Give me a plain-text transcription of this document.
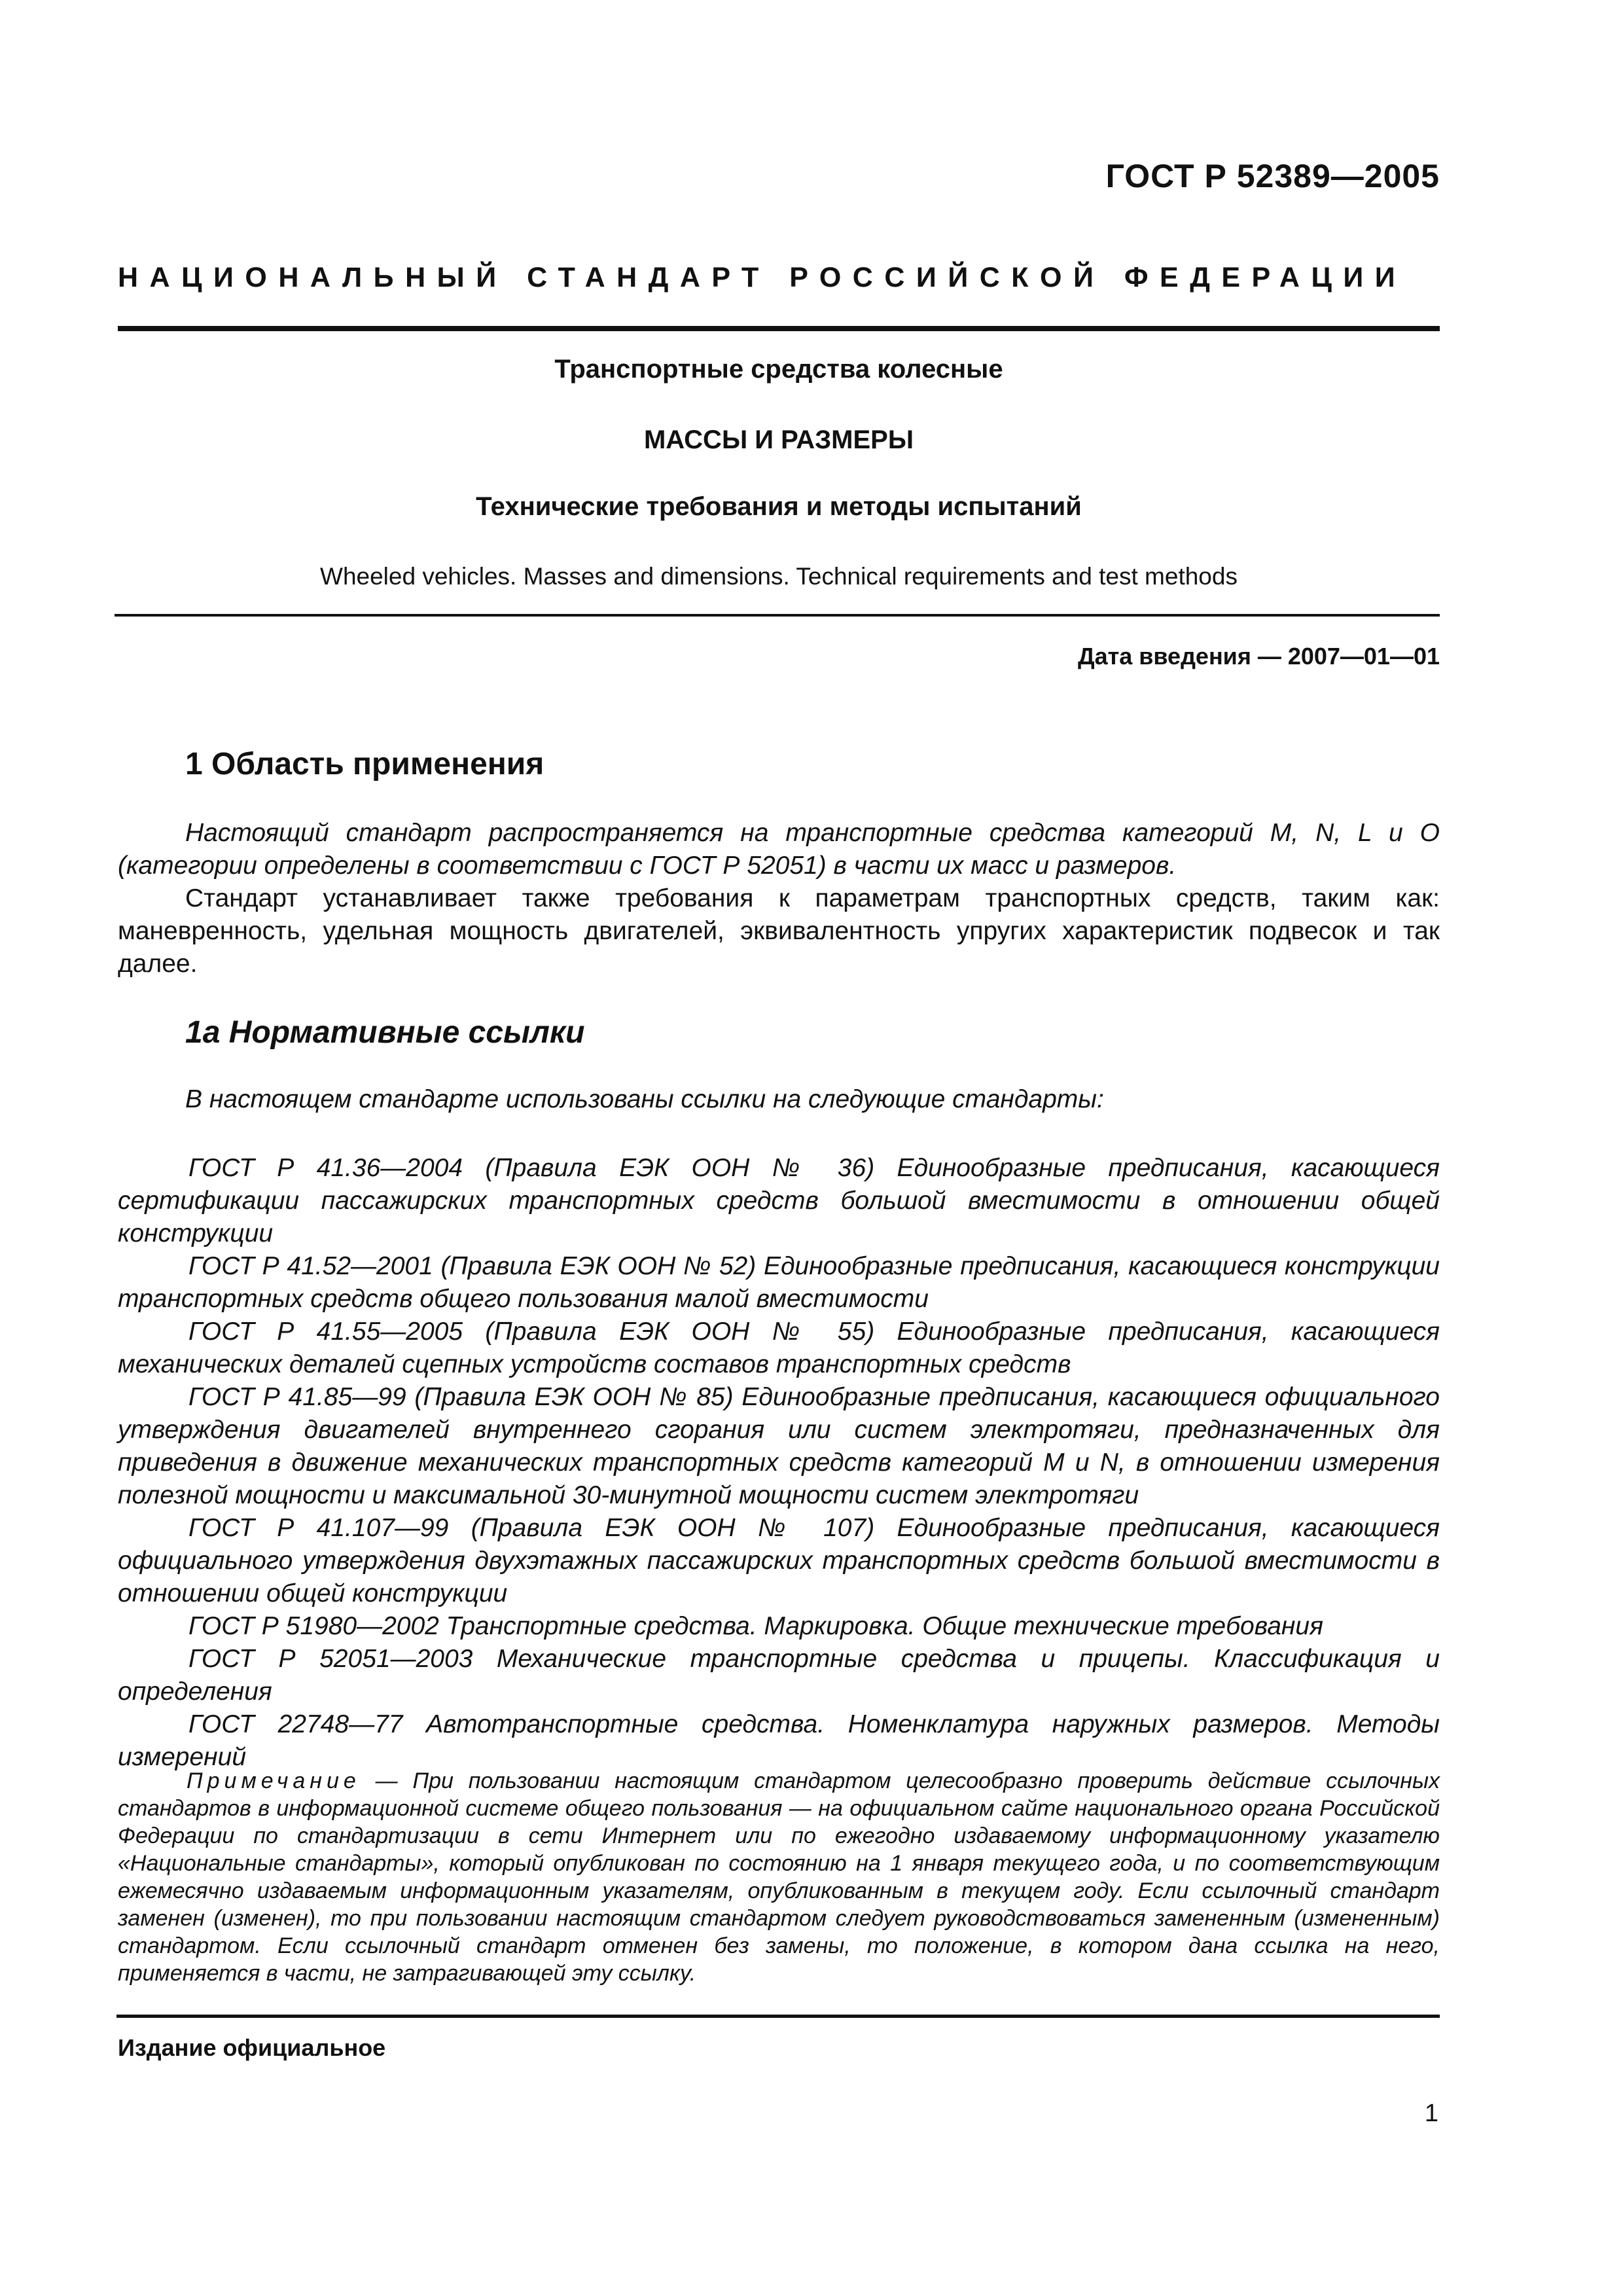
ГОСТ Р 52389—2005
НАЦИОНАЛЬНЫЙ СТАНДАРТ РОССИЙСКОЙ ФЕДЕРАЦИИ
Транспортные средства колесные
МАССЫ И РАЗМЕРЫ
Технические требования и методы испытаний
Wheeled vehicles. Masses and dimensions. Technical requirements and test methods
Дата введения — 2007—01—01
1 Область применения

Настоящий стандарт распространяется на транспортные средства категорий М, N, L и О (категории определены в соответствии с ГОСТ Р 52051) в части их масс и размеров.

Стандарт устанавливает также требования к параметрам транспортных средств, таким как: маневренность, удельная мощность двигателей, эквивалентность упругих характеристик подвесок и так далее.

1а Нормативные ссылки

В настоящем стандарте использованы ссылки на следующие стандарты:

ГОСТ Р 41.36—2004 (Правила ЕЭК ООН № 36) Единообразные предписания, касающиеся сертификации пассажирских транспортных средств большой вместимости в отношении общей конструкции

ГОСТ Р 41.52—2001 (Правила ЕЭК ООН № 52) Единообразные предписания, касающиеся конструкции транспортных средств общего пользования малой вместимости

ГОСТ Р 41.55—2005 (Правила ЕЭК ООН № 55) Единообразные предписания, касающиеся механических деталей сцепных устройств составов транспортных средств

ГОСТ Р 41.85—99 (Правила ЕЭК ООН № 85) Единообразные предписания, касающиеся официального утверждения двигателей внутреннего сгорания или систем электротяги, предназначенных для приведения в движение механических транспортных средств категорий М и N, в отношении измерения полезной мощности и максимальной 30-минутной мощности систем электротяги

ГОСТ Р 41.107—99 (Правила ЕЭК ООН № 107) Единообразные предписания, касающиеся официального утверждения двухэтажных пассажирских транспортных средств большой вместимости в отношении общей конструкции

ГОСТ Р 51980—2002 Транспортные средства. Маркировка. Общие технические требования

ГОСТ Р 52051—2003 Механические транспортные средства и прицепы. Классификация и определения

ГОСТ 22748—77 Автотранспортные средства. Номенклатура наружных размеров. Методы измерений

Примечание — При пользовании настоящим стандартом целесообразно проверить действие ссылочных стандартов в информационной системе общего пользования — на официальном сайте национального органа Российской Федерации по стандартизации в сети Интернет или по ежегодно издаваемому информационному указателю «Национальные стандарты», который опубликован по состоянию на 1 января текущего года, и по соответствующим ежемесячно издаваемым информационным указателям, опубликованным в текущем году. Если ссылочный стандарт заменен (изменен), то при пользовании настоящим стандартом следует руководствоваться замененным (измененным) стандартом. Если ссылочный стандарт отменен без замены, то положение, в котором дана ссылка на него, применяется в части, не затрагивающей эту ссылку.

Издание официальное
1
